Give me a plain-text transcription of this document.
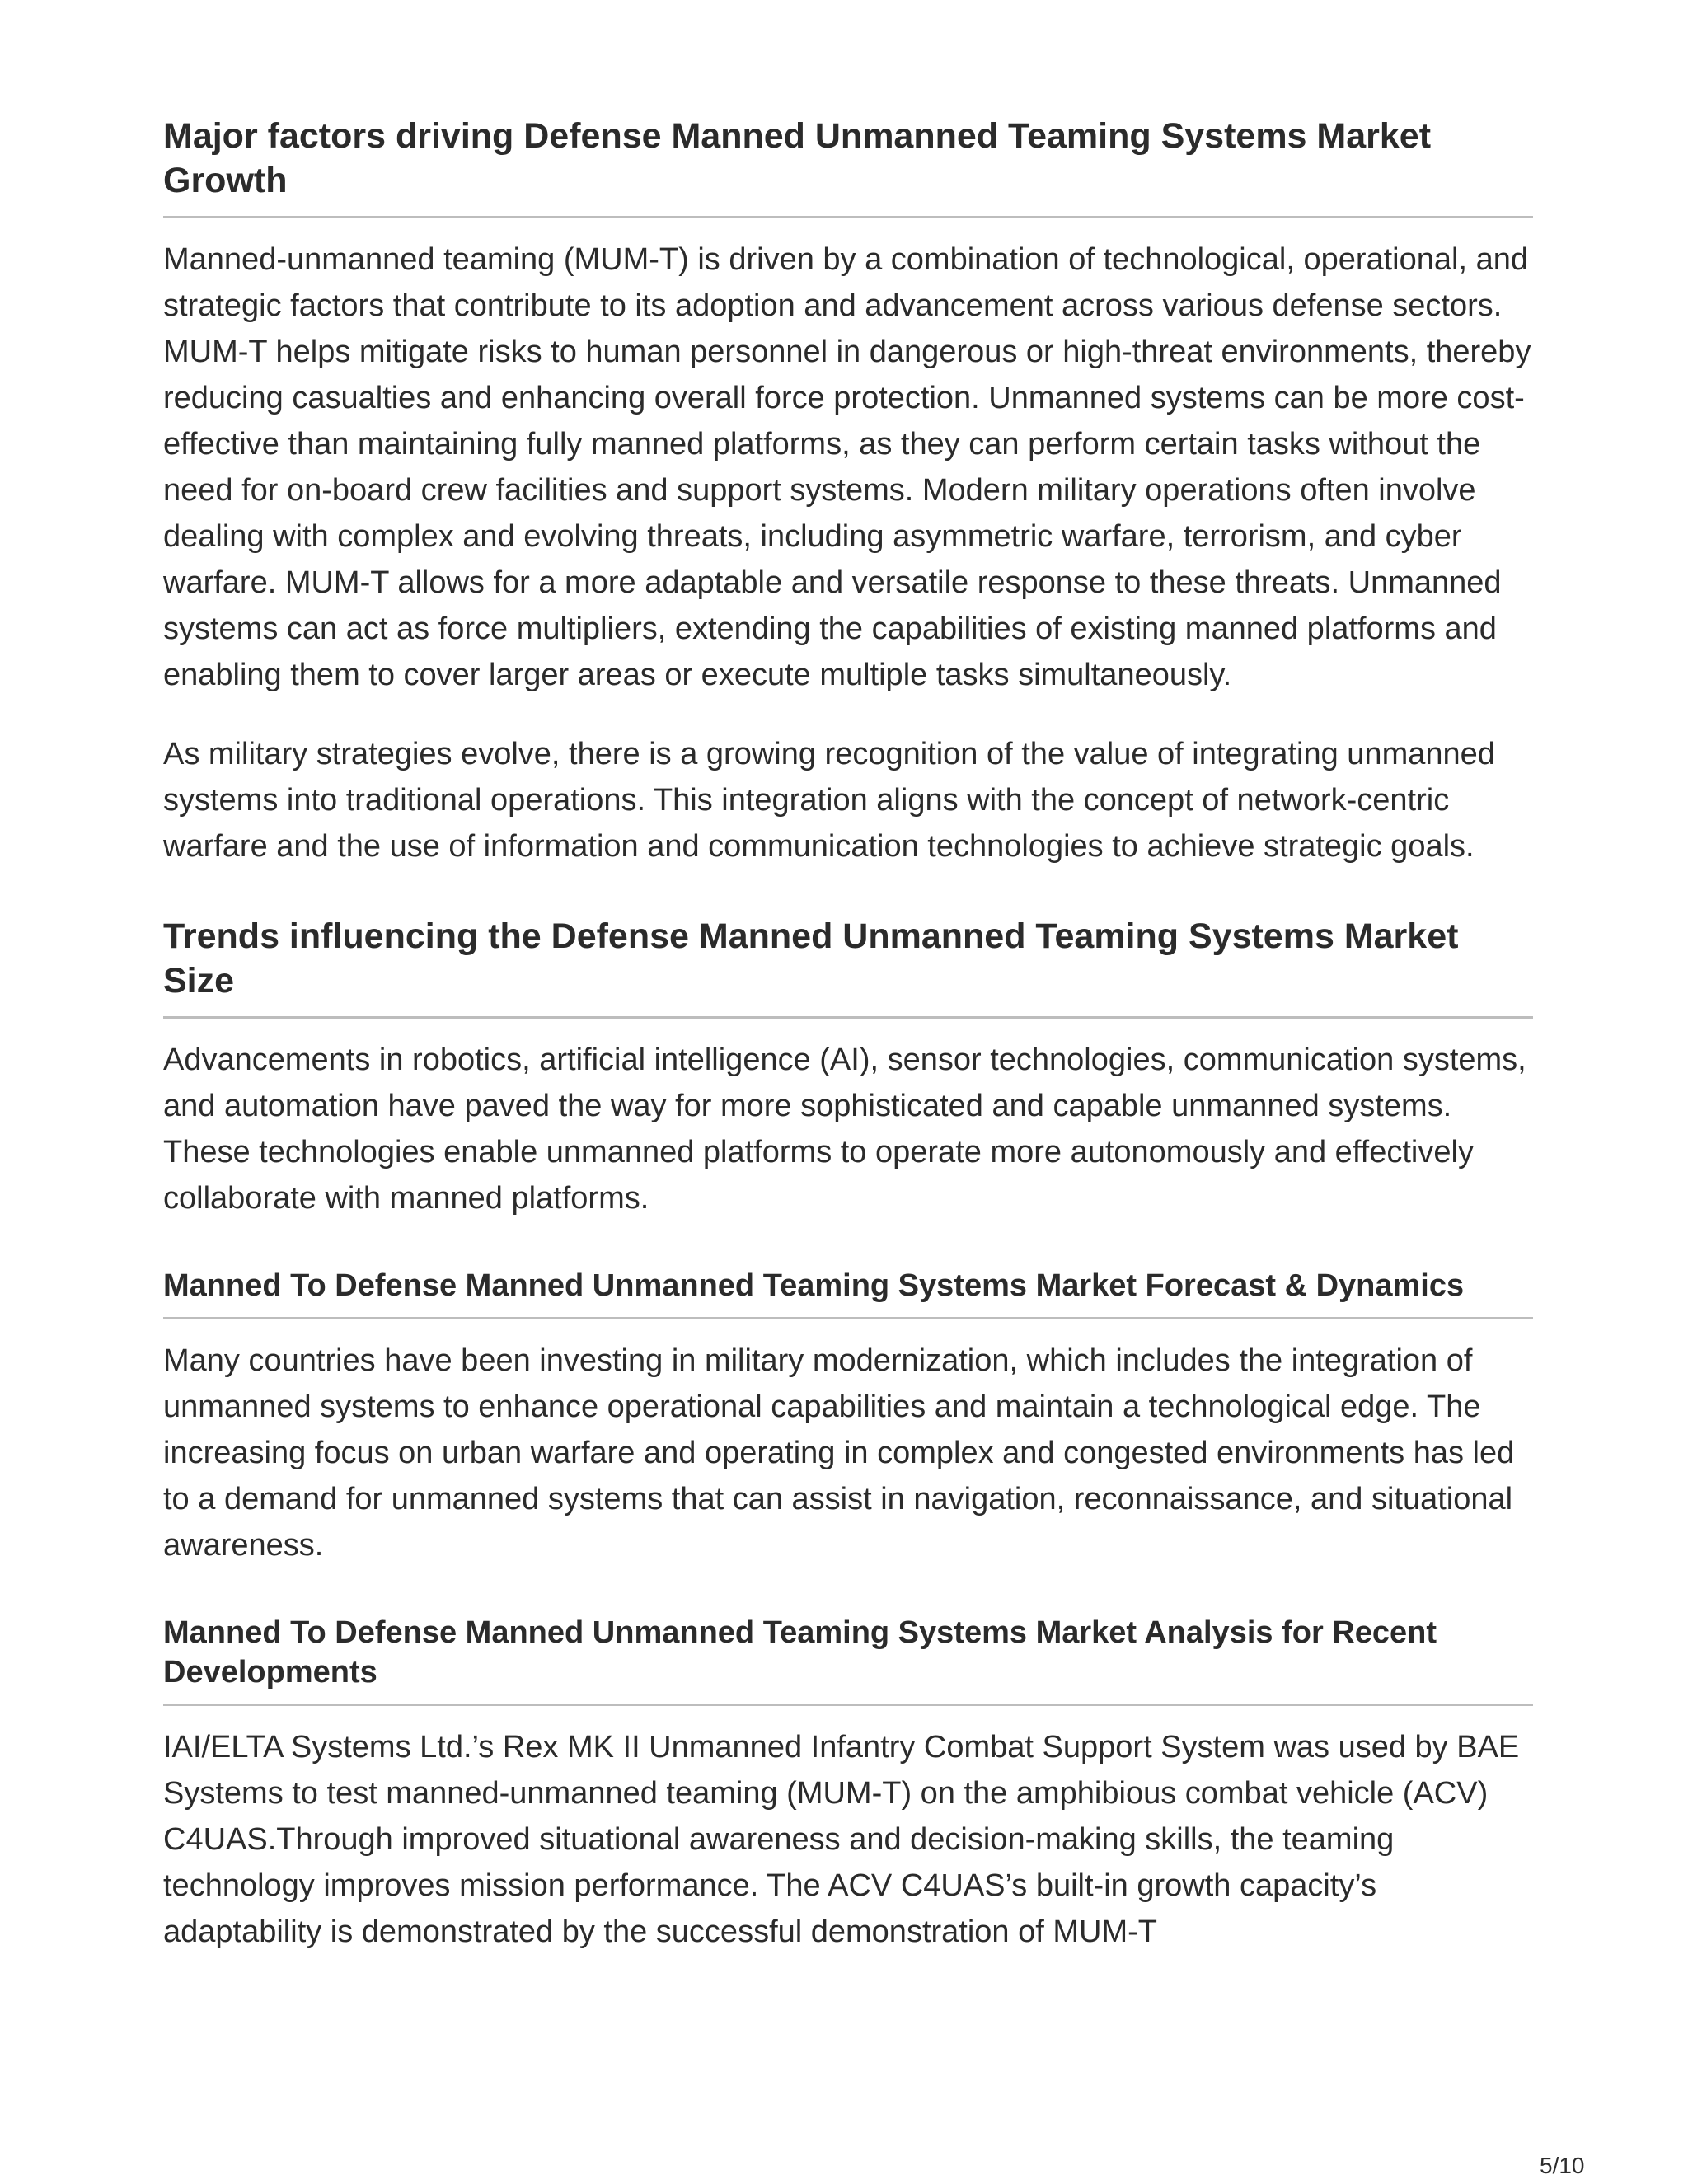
Major factors driving Defense Manned Unmanned Teaming Systems Market Growth

Manned-unmanned teaming (MUM-T) is driven by a combination of technological, operational, and strategic factors that contribute to its adoption and advancement across various defense sectors. MUM-T helps mitigate risks to human personnel in dangerous or high-threat environments, thereby reducing casualties and enhancing overall force protection. Unmanned systems can be more cost-effective than maintaining fully manned platforms, as they can perform certain tasks without the need for on-board crew facilities and support systems. Modern military operations often involve dealing with complex and evolving threats, including asymmetric warfare, terrorism, and cyber warfare. MUM-T allows for a more adaptable and versatile response to these threats. Unmanned systems can act as force multipliers, extending the capabilities of existing manned platforms and enabling them to cover larger areas or execute multiple tasks simultaneously.

As military strategies evolve, there is a growing recognition of the value of integrating unmanned systems into traditional operations. This integration aligns with the concept of network-centric warfare and the use of information and communication technologies to achieve strategic goals.

Trends influencing the Defense Manned Unmanned Teaming Systems Market Size

Advancements in robotics, artificial intelligence (AI), sensor technologies, communication systems, and automation have paved the way for more sophisticated and capable unmanned systems. These technologies enable unmanned platforms to operate more autonomously and effectively collaborate with manned platforms.

Manned To Defense Manned Unmanned Teaming Systems Market Forecast & Dynamics

Many countries have been investing in military modernization, which includes the integration of unmanned systems to enhance operational capabilities and maintain a technological edge. The increasing focus on urban warfare and operating in complex and congested environments has led to a demand for unmanned systems that can assist in navigation, reconnaissance, and situational awareness.

Manned To Defense Manned Unmanned Teaming Systems Market Analysis for Recent Developments

IAI/ELTA Systems Ltd.’s Rex MK II Unmanned Infantry Combat Support System was used by BAE Systems to test manned-unmanned teaming (MUM-T) on the amphibious combat vehicle (ACV) C4UAS.Through improved situational awareness and decision-making skills, the teaming technology improves mission performance. The ACV C4UAS’s built-in growth capacity’s adaptability is demonstrated by the successful demonstration of MUM-T

5/10
